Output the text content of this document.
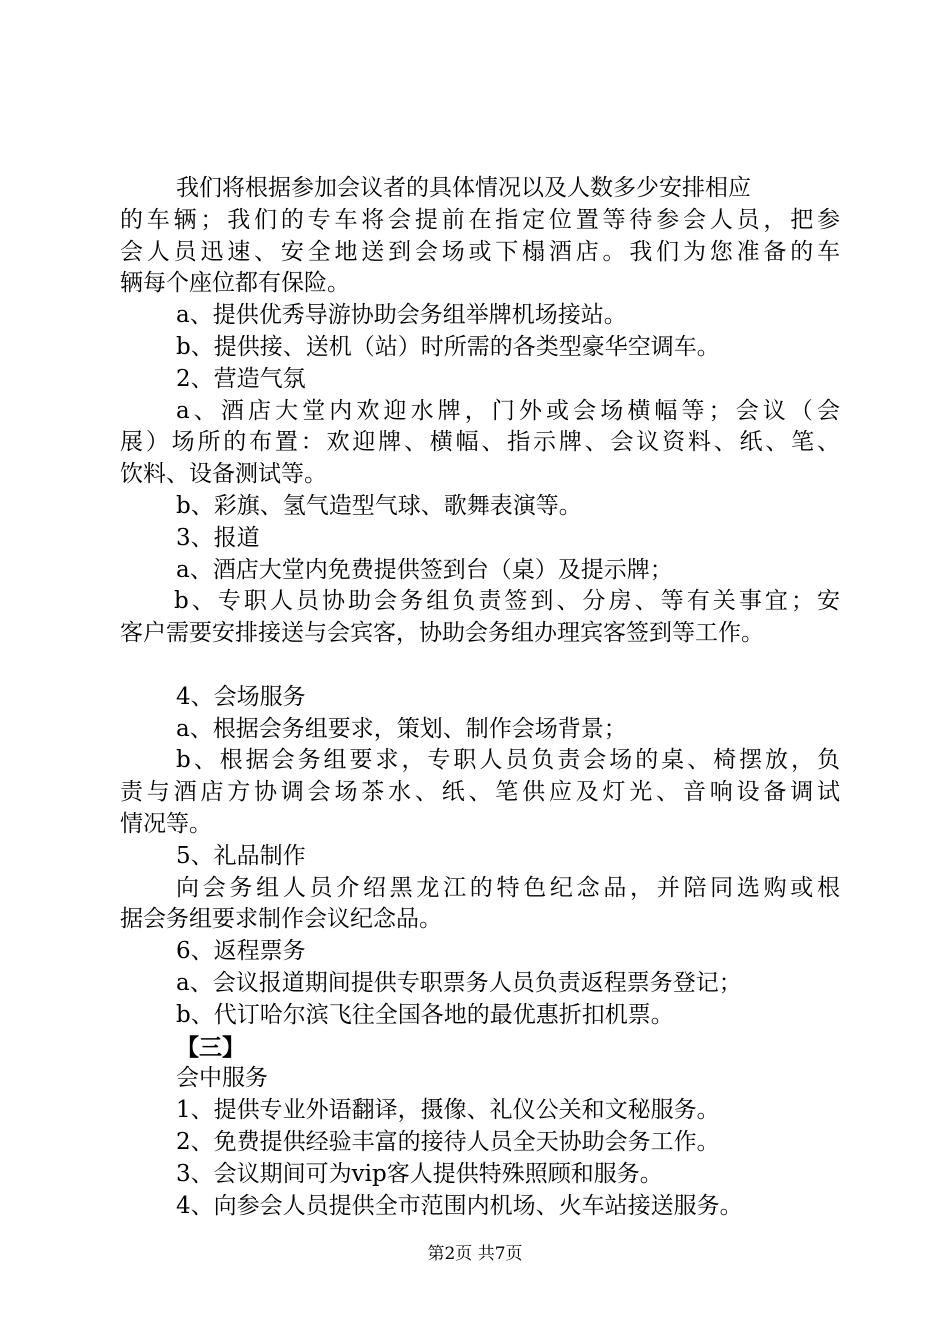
我们将根据参加会议者的具体情况以及人数多少安排相应
的车辆；我们的专车将会提前在指定位置等待参会人员，把参
会人员迅速、安全地送到会场或下榻酒店。我们为您准备的车
辆每个座位都有保险。
a、提供优秀导游协助会务组举牌机场接站。
b、提供接、送机（站）时所需的各类型豪华空调车。
2、营造气氛
a、酒店大堂内欢迎水牌，门外或会场横幅等；会议（会
展）场所的布置：欢迎牌、横幅、指示牌、会议资料、纸、笔、
饮料、设备测试等。
b、彩旗、氢气造型气球、歌舞表演等。
3、报道
a、酒店大堂内免费提供签到台（桌）及提示牌；
b、专职人员协助会务组负责签到、分房、等有关事宜；安
客户需要安排接送与会宾客，协助会务组办理宾客签到等工作。
4、会场服务
a、根据会务组要求，策划、制作会场背景；
b、根据会务组要求，专职人员负责会场的桌、椅摆放，负
责与酒店方协调会场茶水、纸、笔供应及灯光、音响设备调试
情况等。
5、礼品制作
向会务组人员介绍黑龙江的特色纪念品，并陪同选购或根
据会务组要求制作会议纪念品。
6、返程票务
a、会议报道期间提供专职票务人员负责返程票务登记；
b、代订哈尔滨飞往全国各地的最优惠折扣机票。
【三】
会中服务
1、提供专业外语翻译，摄像、礼仪公关和文秘服务。
2、免费提供经验丰富的接待人员全天协助会务工作。
3、会议期间可为vip客人提供特殊照顾和服务。
4、向参会人员提供全市范围内机场、火车站接送服务。
第2页 共7页
